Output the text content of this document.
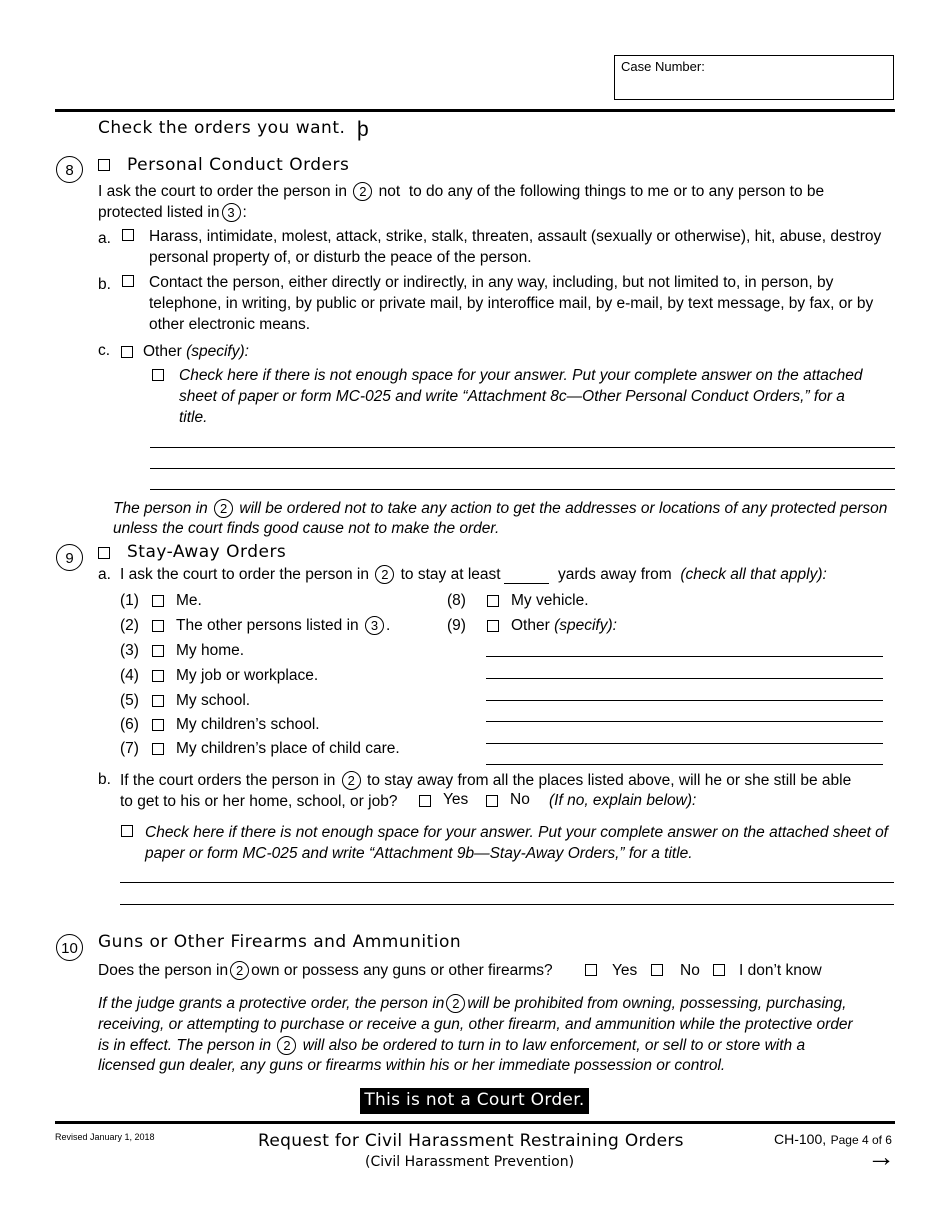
Case Number:
Check the orders you want. þ
8	Personal Conduct Orders
I ask the court to order the person in 2 not to do any of the following things to me or to any person to be
protected listed in 3 :
a. Harass, intimidate, molest, attack, strike, stalk, threaten, assault (sexually or otherwise), hit, abuse, destroy
personal property of, or disturb the peace of the person.
b. Contact the person, either directly or indirectly, in any way, including, but not limited to, in person, by
telephone, in writing, by public or private mail, by interoffice mail, by e-mail, by text message, by fax, or by
other electronic means.
c. Other (specify):
Check here if there is not enough space for your answer. Put your complete answer on the attached
sheet of paper or form MC-025 and write “Attachment 8c—Other Personal Conduct Orders,” for a
title.
The person in 2 will be ordered not to take any action to get the addresses or locations of any protected person
unless the court finds good cause not to make the order.
9	Stay-Away Orders
a. I ask the court to order the person in 2 to stay at least	yards away from (check all that apply):
(1) Me.
(2) The other persons listed in 3 .
(3) My home.
(4) My job or workplace.
(5) My school.
(6) My children’s school.
(7) My children’s place of child care.
(8)	My vehicle.
(9)	Other (specify):
b. If the court orders the person in 2 to stay away from all the places listed above, will he or she still be able
to get to his or her home, school, or job?	Yes	No (If no, explain below):
Check here if there is not enough space for your answer. Put your complete answer on the attached sheet of
paper or form MC-025 and write “Attachment 9b—Stay-Away Orders,” for a title.
10	Guns or Other Firearms and Ammunition
Does the person in 2 own or possess any guns or other firearms?	Yes	No	I don’t know
If the judge grants a protective order, the person in 2 will be prohibited from owning, possessing, purchasing,
receiving, or attempting to purchase or receive a gun, other firearm, and ammunition while the protective order
is in effect. The person in 2 will also be ordered to turn in to law enforcement, or sell to or store with a
licensed gun dealer, any guns or firearms within his or her immediate possession or control.
This is not a Court Order.
Revised January 1, 2018	Request for Civil Harassment Restraining Orders
(Civil Harassment Prevention)
CH-100, Page 4 of 6
→
